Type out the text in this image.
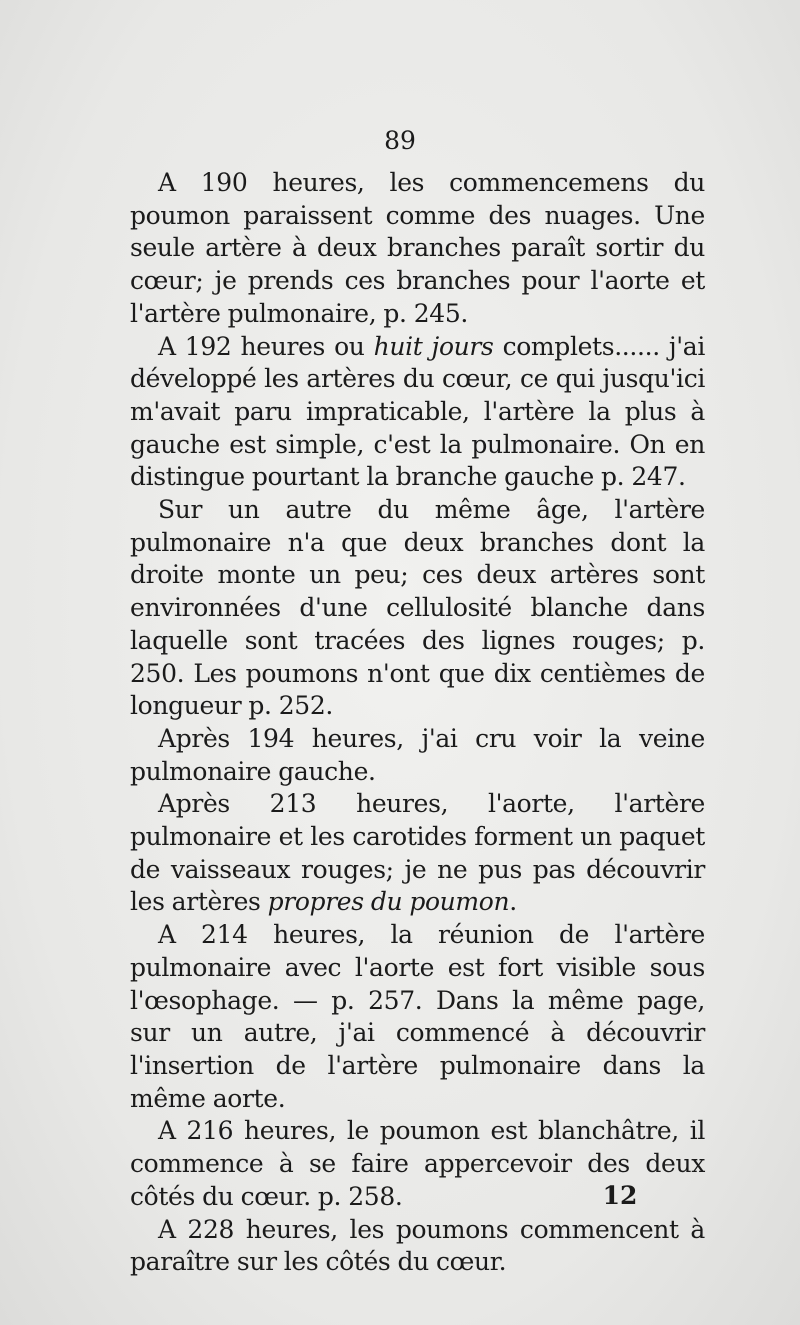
89

A 190 heures, les commencemens du poumon paraissent comme des nuages. Une seule artère à deux branches paraît sortir du cœur; je prends ces branches pour l'aorte et l'artère pulmonaire, p. 245.

A 192 heures ou huit jours complets...... j'ai développé les artères du cœur, ce qui jusqu'ici m'avait paru impraticable, l'artère la plus à gauche est simple, c'est la pulmonaire. On en distingue pourtant la branche gauche p. 247.

Sur un autre du même âge, l'artère pulmonaire n'a que deux branches dont la droite monte un peu; ces deux artères sont environnées d'une cellulosité blanche dans laquelle sont tracées des lignes rouges; p. 250. Les poumons n'ont que dix centièmes de longueur p. 252.

Après 194 heures, j'ai cru voir la veine pulmonaire gauche.

Après 213 heures, l'aorte, l'artère pulmonaire et les carotides forment un paquet de vaisseaux rouges; je ne pus pas découvrir les artères propres du poumon.

A 214 heures, la réunion de l'artère pulmonaire avec l'aorte est fort visible sous l'œsophage. — p. 257. Dans la même page, sur un autre, j'ai commencé à découvrir l'insertion de l'artère pulmonaire dans la même aorte.

A 216 heures, le poumon est blanchâtre, il commence à se faire appercevoir des deux côtés du cœur. p. 258.

A 228 heures, les poumons commencent à paraître sur les côtés du cœur.

12
